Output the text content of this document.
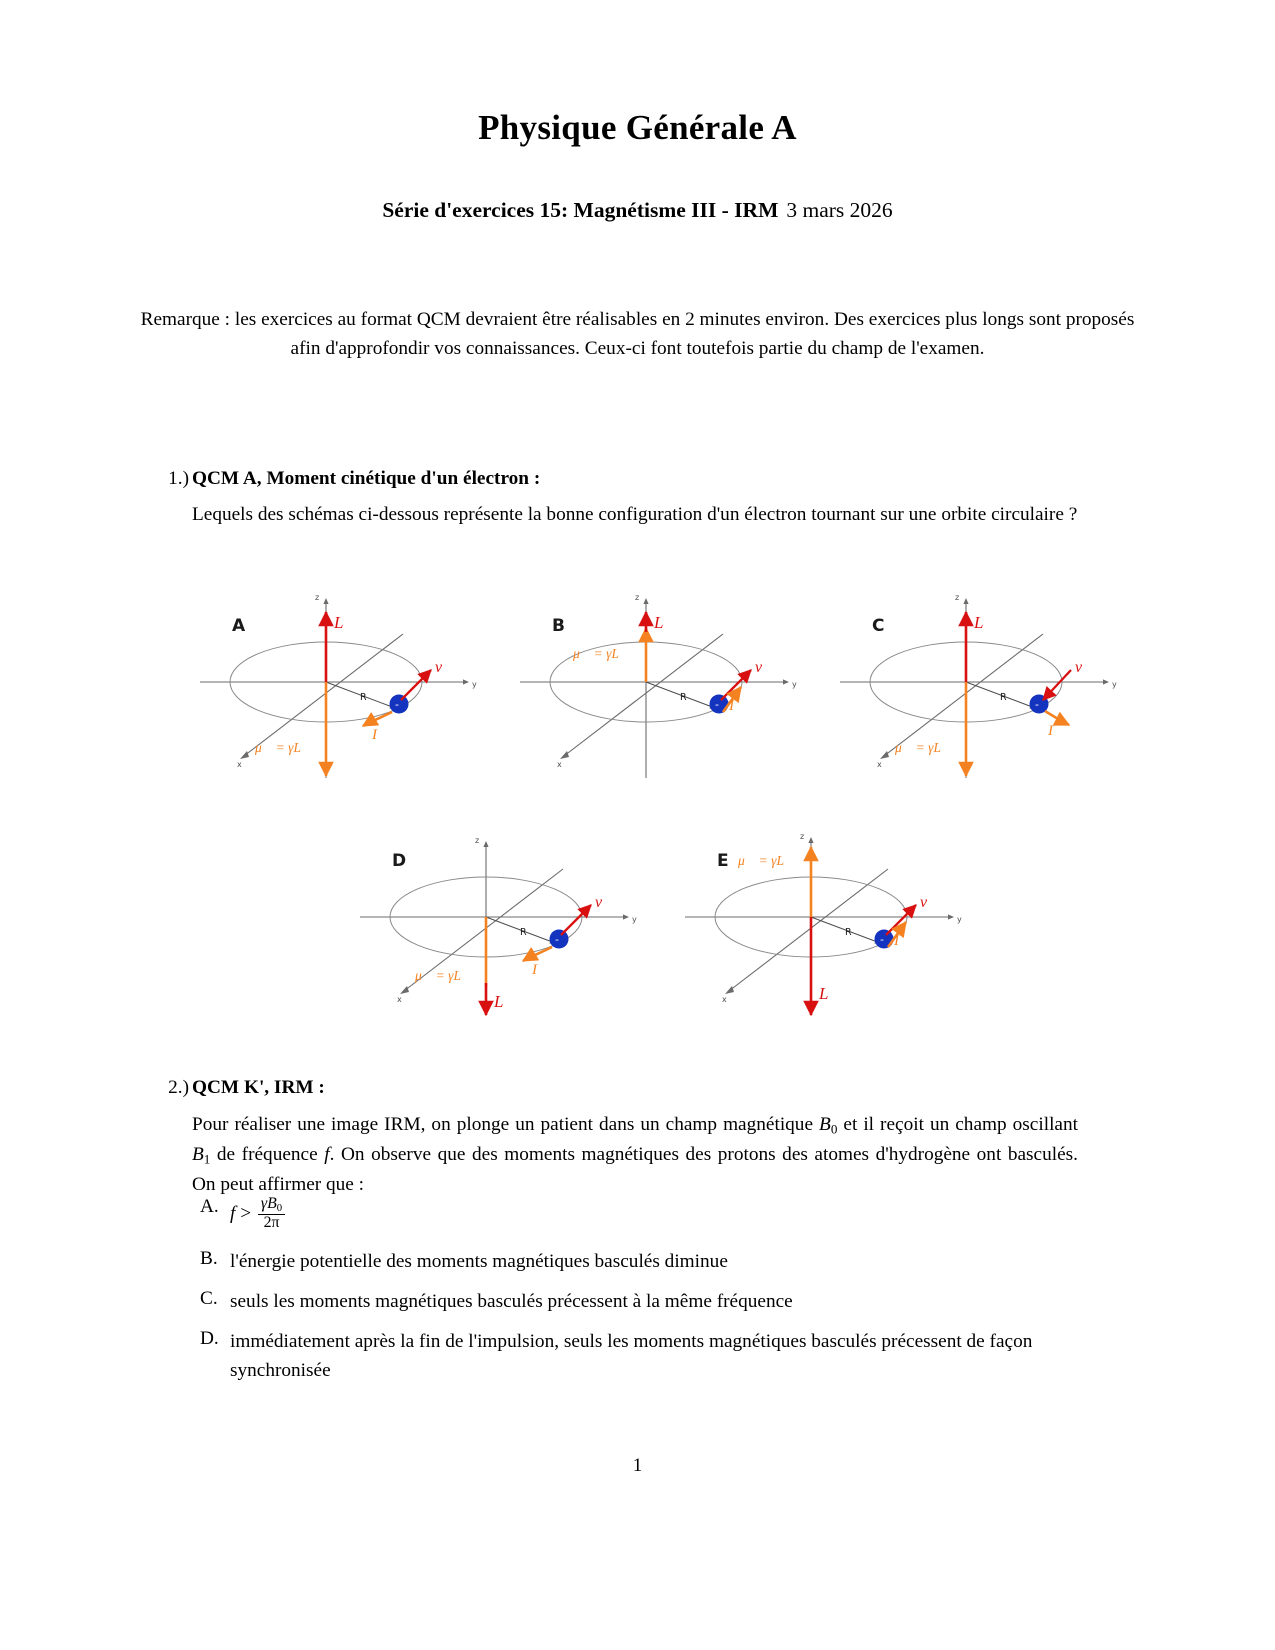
Physique Générale A
Série d'exercices 15: Magnétisme III - IRM 3 mars 2026
Remarque : les exercices au format QCM devraient être réalisables en 2 minutes environ. Des exercices plus longs sont proposés afin d'approfondir vos connaissances. Ceux-ci font toutefois partie du champ de l'examen.
1.) QCM A, Moment cinétique d'un électron :
Lequels des schémas ci-dessous représente la bonne configuration d'un électron tournant sur une orbite circulaire ?
A
y
z
x
R
L⃗
μ⃗ = γL⃗
-
v⃗
I
B
y
z
x
R
μ⃗ = γL⃗
L⃗
-
v⃗
I
C
y
z
x
R
L⃗
μ⃗ = γL⃗
-
v⃗
I
D
y
z
x
R
μ⃗ = γL⃗
L⃗
-
v⃗
I
E
y
z
x
R
μ⃗ = γL⃗
L⃗
-
v⃗
I
2.) QCM K', IRM :
Pour réaliser une image IRM, on plonge un patient dans un champ magnétique $B_0$ et il reçoit un champ oscillant $B_1$ de fréquence f. On observe que des moments magnétiques des protons des atomes d'hydrogène ont basculés. On peut affirmer que :
A. $f > \frac{\gamma B_0}{2\pi}$
B. l'énergie potentielle des moments magnétiques basculés diminue
C. seuls les moments magnétiques basculés précessent à la même fréquence
D. immédiatement après la fin de l'impulsion, seuls les moments magnétiques basculés précessent de façon synchronisée
1
